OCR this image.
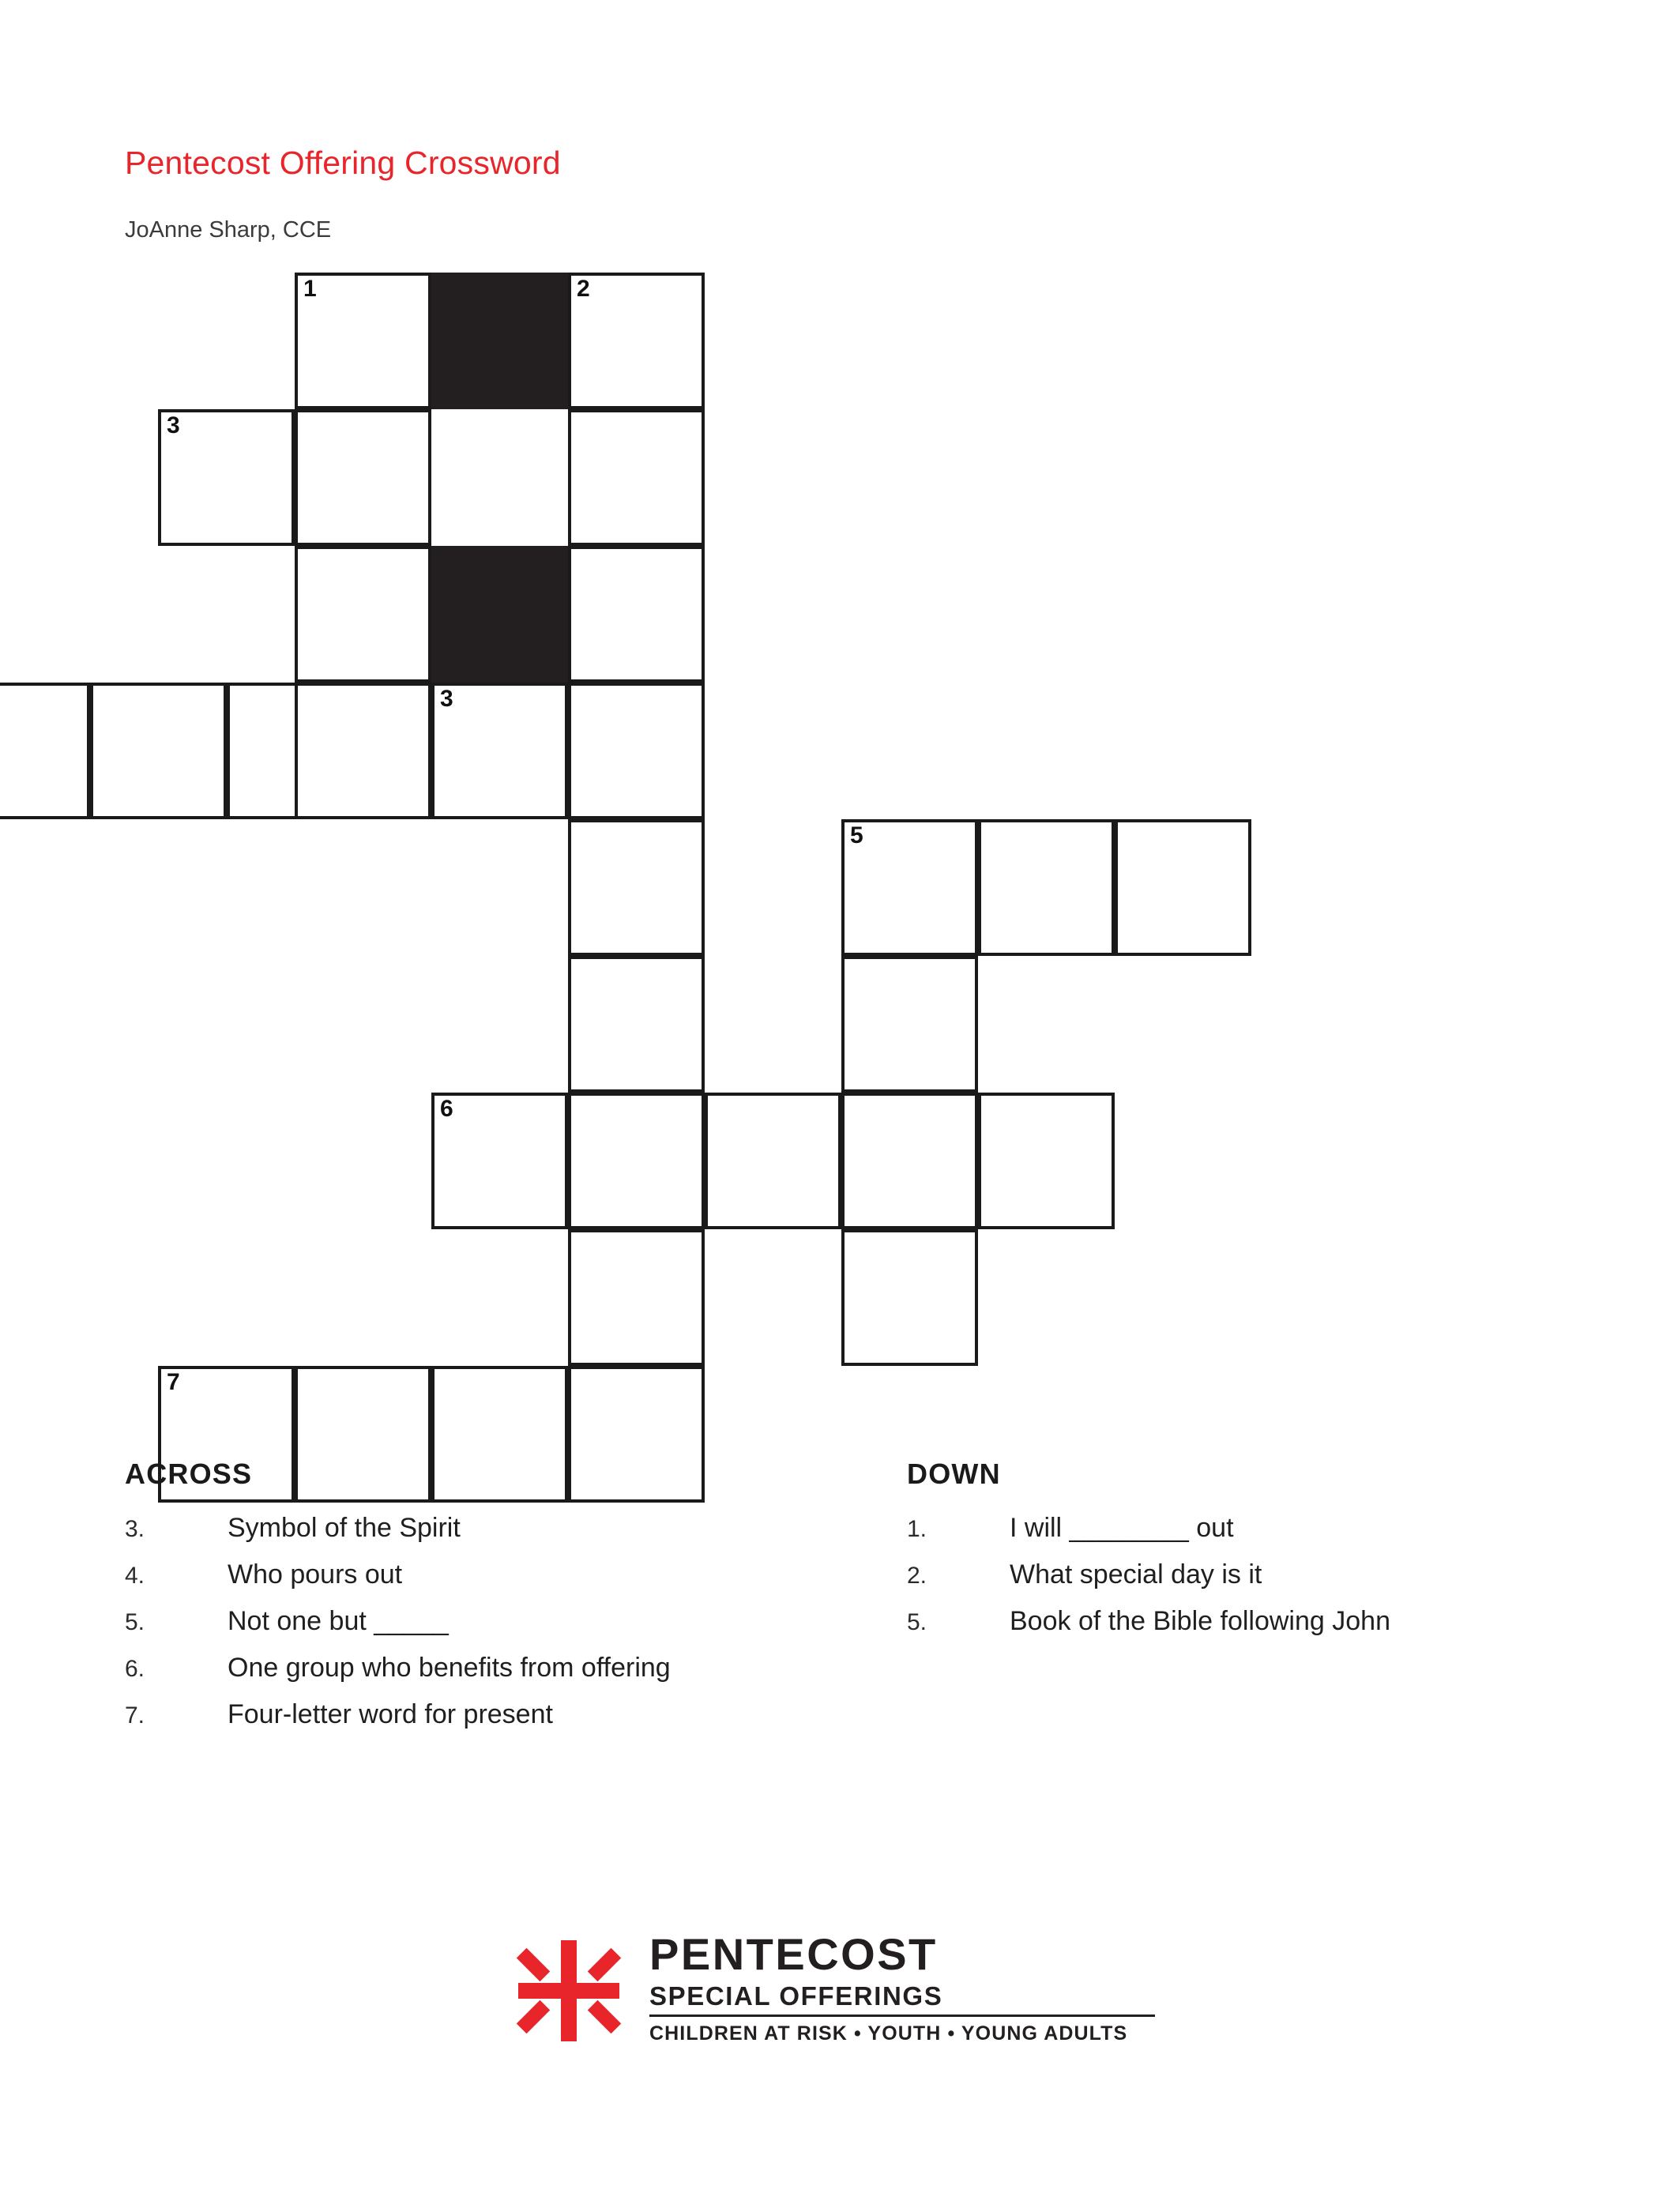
Pentecost Offering Crossword
JoAnne Sharp, CCE
1	2
3
3
5
6
7
ACROSS
3.	Symbol of the Spirit
4.	Who pours out
5.	Not one but _____
6.	One group who benefits from offering
7.	Four-letter word for present
DOWN
1.	I will ________ out
2.	What special day is it
5.	Book of the Bible following John
PENTECOST
SPECIAL OFFERINGS
CHILDREN AT RISK • YOUTH • YOUNG ADULTS
